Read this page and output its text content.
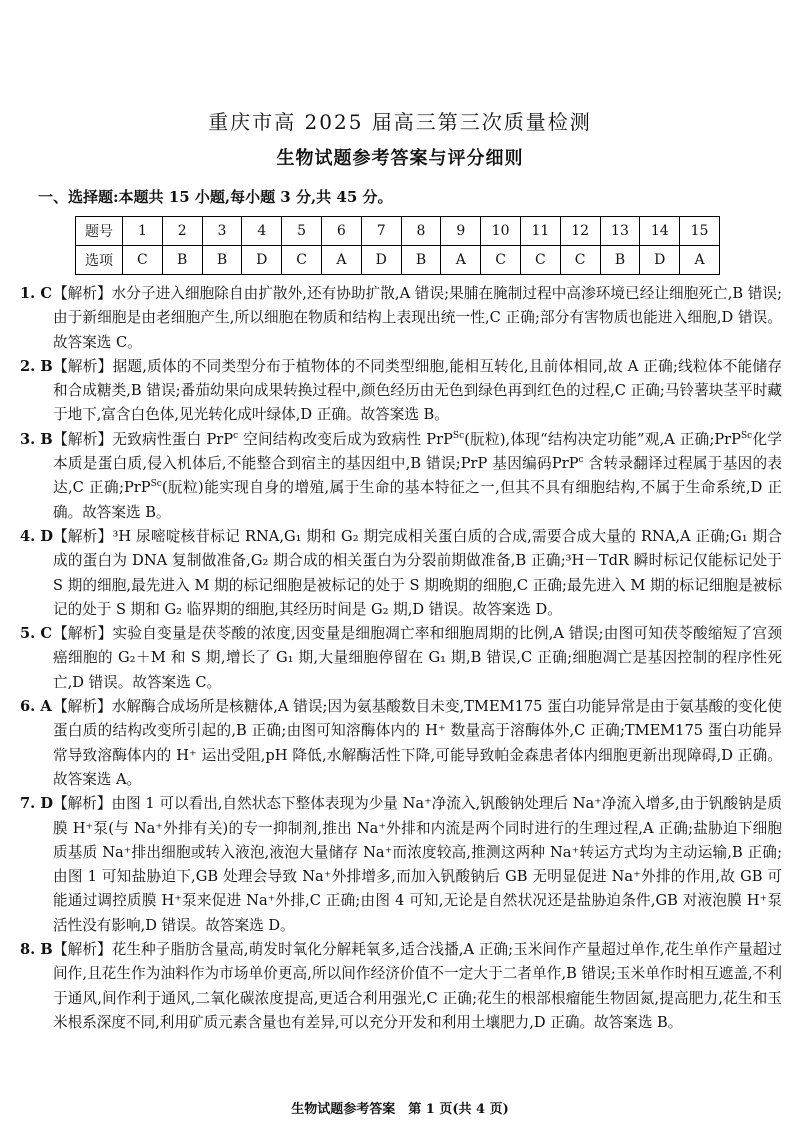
重庆市高 2025 届高三第三次质量检测
生物试题参考答案与评分细则
一、选择题:本题共 15 小题,每小题 3 分,共 45 分。
题号	1	2	3	4	5	6	7	8	9	10	11	12	13	14	15
选项	C	B	B	D	C	A	D	B	A	C	C	C	B	D	A
1. C 【解析】水分子进入细胞除自由扩散外,还有协助扩散,A 错误;果脯在腌制过程中高渗环境已经让细胞死亡,B 错误;由于新细胞是由老细胞产生,所以细胞在物质和结构上表现出统一性,C 正确;部分有害物质也能进入细胞,D 错误。故答案选 C。
2. B 【解析】据题,质体的不同类型分布于植物体的不同类型细胞,能相互转化,且前体相同,故 A 正确;线粒体不能储存和合成糖类,B 错误;番茄幼果向成果转换过程中,颜色经历由无色到绿色再到红色的过程,C 正确;马铃薯块茎平时藏于地下,富含白色体,见光转化成叶绿体,D 正确。故答案选 B。
3. B 【解析】无致病性蛋白 PrP$^c$ 空间结构改变后成为致病性 PrP$^{Sc}$(朊粒),体现“结构决定功能”观,A 正确;PrP$^{Sc}$化学本质是蛋白质,侵入机体后,不能整合到宿主的基因组中,B 错误;PrP 基因编码PrP$^c$ 含转录翻译过程属于基因的表达,C 正确;PrP$^{Sc}$(朊粒)能实现自身的增殖,属于生命的基本特征之一,但其不具有细胞结构,不属于生命系统,D 正确。故答案选 B。
4. D 【解析】³H 尿嘧啶核苷标记 RNA,G₁ 期和 G₂ 期完成相关蛋白质的合成,需要合成大量的 RNA,A 正确;G₁ 期合成的蛋白为 DNA 复制做准备,G₂ 期合成的相关蛋白为分裂前期做准备,B 正确;³H－TdR 瞬时标记仅能标记处于 S 期的细胞,最先进入 M 期的标记细胞是被标记的处于 S 期晚期的细胞,C 正确;最先进入 M 期的标记细胞是被标记的处于 S 期和 G₂ 临界期的细胞,其经历时间是 G₂ 期,D 错误。故答案选 D。
5. C 【解析】实验自变量是茯苓酸的浓度,因变量是细胞凋亡率和细胞周期的比例,A 错误;由图可知茯苓酸缩短了宫颈癌细胞的 G₂＋M 和 S 期,增长了 G₁ 期,大量细胞停留在 G₁ 期,B 错误,C 正确;细胞凋亡是基因控制的程序性死亡,D 错误。故答案选 C。
6. A 【解析】水解酶合成场所是核糖体,A 错误;因为氨基酸数目未变,TMEM175 蛋白功能异常是由于氨基酸的变化使蛋白质的结构改变所引起的,B 正确;由图可知溶酶体内的 H⁺ 数量高于溶酶体外,C 正确;TMEM175 蛋白功能异常导致溶酶体内的 H⁺ 运出受阻,pH 降低,水解酶活性下降,可能导致帕金森患者体内细胞更新出现障碍,D 正确。故答案选 A。
7. D 【解析】由图 1 可以看出,自然状态下整体表现为少量 Na⁺净流入,钒酸钠处理后 Na⁺净流入增多,由于钒酸钠是质膜 H⁺泵(与 Na⁺外排有关)的专一抑制剂,推出 Na⁺外排和内流是两个同时进行的生理过程,A 正确;盐胁迫下细胞质基质 Na⁺排出细胞或转入液泡,液泡大量储存 Na⁺而浓度较高,推测这两种 Na⁺转运方式均为主动运输,B 正确;由图 1 可知盐胁迫下,GB 处理会导致 Na⁺外排增多,而加入钒酸钠后 GB 无明显促进 Na⁺外排的作用,故 GB 可能通过调控质膜 H⁺泵来促进 Na⁺外排,C 正确;由图 4 可知,无论是自然状况还是盐胁迫条件,GB 对液泡膜 H⁺泵活性没有影响,D 错误。故答案选 D。
8. B 【解析】花生种子脂肪含量高,萌发时氧化分解耗氧多,适合浅播,A 正确;玉米间作产量超过单作,花生单作产量超过间作,且花生作为油料作为市场单价更高,所以间作经济价值不一定大于二者单作,B 错误;玉米单作时相互遮盖,不利于通风,间作利于通风,二氧化碳浓度提高,更适合利用强光,C 正确;花生的根部根瘤能生物固氮,提高肥力,花生和玉米根系深度不同,利用矿质元素含量也有差异,可以充分开发和利用土壤肥力,D 正确。故答案选 B。
生物试题参考答案　第 1 页(共 4 页)
